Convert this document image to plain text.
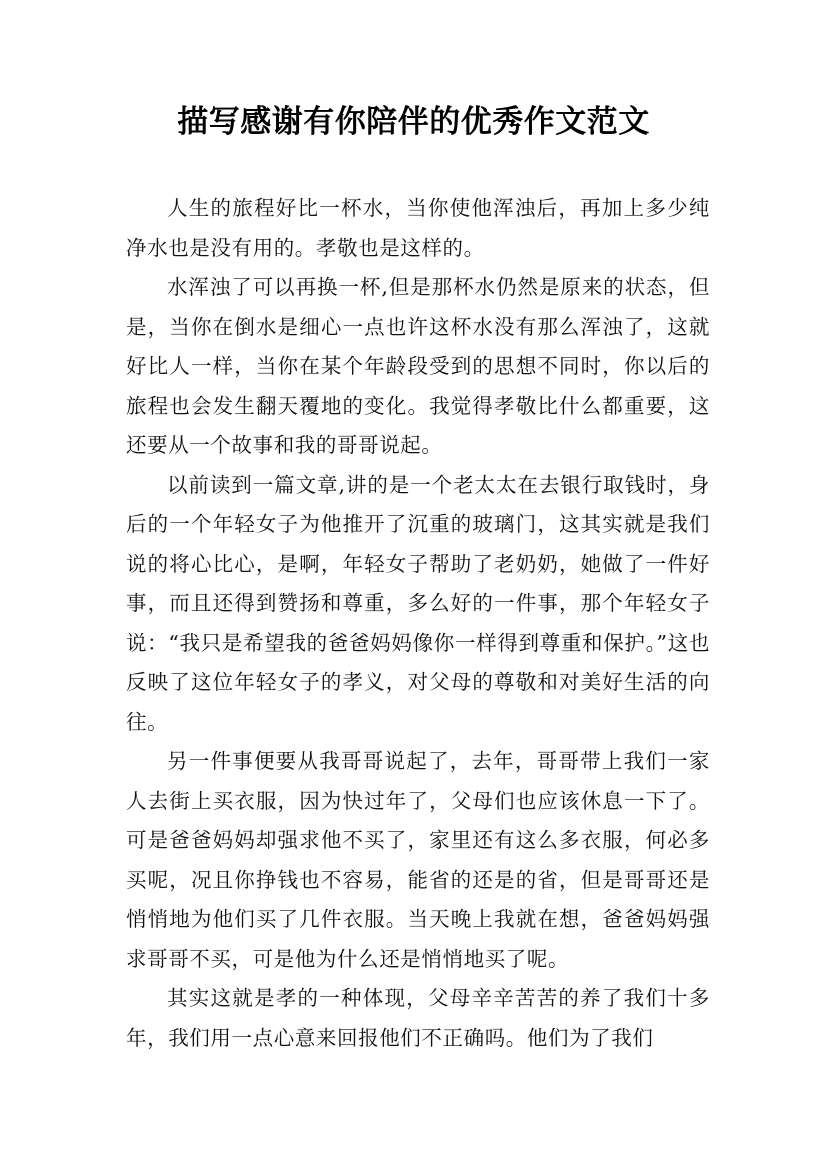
描写感谢有你陪伴的优秀作文范文

人生的旅程好比一杯水，当你使他浑浊后，再加上多少纯净水也是没有用的。孝敬也是这样的。

水浑浊了可以再换一杯,但是那杯水仍然是原来的状态，但是，当你在倒水是细心一点也许这杯水没有那么浑浊了，这就好比人一样，当你在某个年龄段受到的思想不同时，你以后的旅程也会发生翻天覆地的变化。我觉得孝敬比什么都重要，这还要从一个故事和我的哥哥说起。

以前读到一篇文章,讲的是一个老太太在去银行取钱时，身后的一个年轻女子为他推开了沉重的玻璃门，这其实就是我们说的将心比心，是啊，年轻女子帮助了老奶奶，她做了一件好事，而且还得到赞扬和尊重，多么好的一件事，那个年轻女子说：“我只是希望我的爸爸妈妈像你一样得到尊重和保护。”这也反映了这位年轻女子的孝义，对父母的尊敬和对美好生活的向往。

另一件事便要从我哥哥说起了，去年，哥哥带上我们一家人去街上买衣服，因为快过年了，父母们也应该休息一下了。可是爸爸妈妈却强求他不买了，家里还有这么多衣服，何必多买呢，况且你挣钱也不容易，能省的还是的省，但是哥哥还是悄悄地为他们买了几件衣服。当天晚上我就在想，爸爸妈妈强求哥哥不买，可是他为什么还是悄悄地买了呢。

其实这就是孝的一种体现，父母辛辛苦苦的养了我们十多年，我们用一点心意来回报他们不正确吗。他们为了我们
